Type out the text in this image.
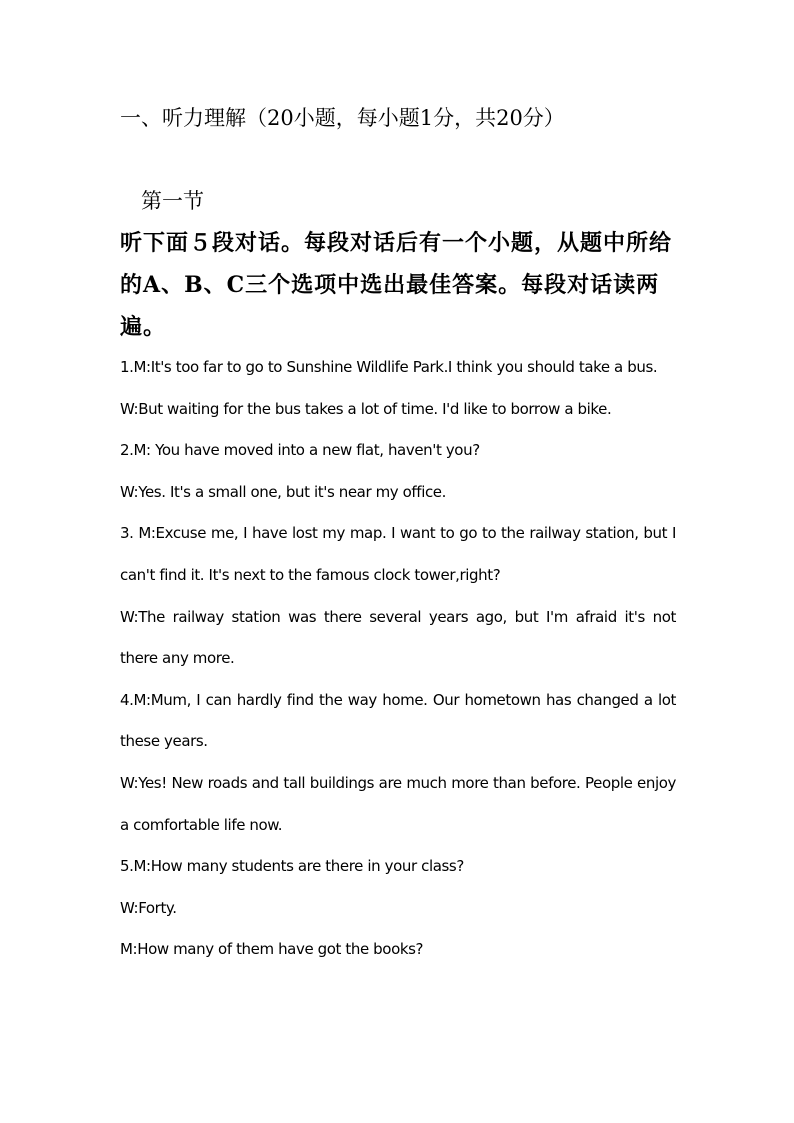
一、听力理解（20小题，每小题1分，共20分）
第一节
听下面５段对话。每段对话后有一个小题，从题中所给的A、B、C三个选项中选出最佳答案。每段对话读两遍。
1.M:It's too far to go to Sunshine Wildlife Park.I think you should take a bus.
W:But waiting for the bus takes a lot of time. I'd like to borrow a bike.
2.M: You have moved into a new flat, haven't you?
W:Yes. It's a small one, but it's near my office.
3. M:Excuse me, I have lost my map. I want to go to the railway station, but I can't find it. It's next to the famous clock tower,right?
W:The railway station was there several years ago, but I'm afraid it's not there any more.
4.M:Mum, I can hardly find the way home. Our hometown has changed a lot these years.
W:Yes! New roads and tall buildings are much more than before. People enjoy a comfortable life now.
5.M:How many students are there in your class?
W:Forty.
M:How many of them have got the books?
